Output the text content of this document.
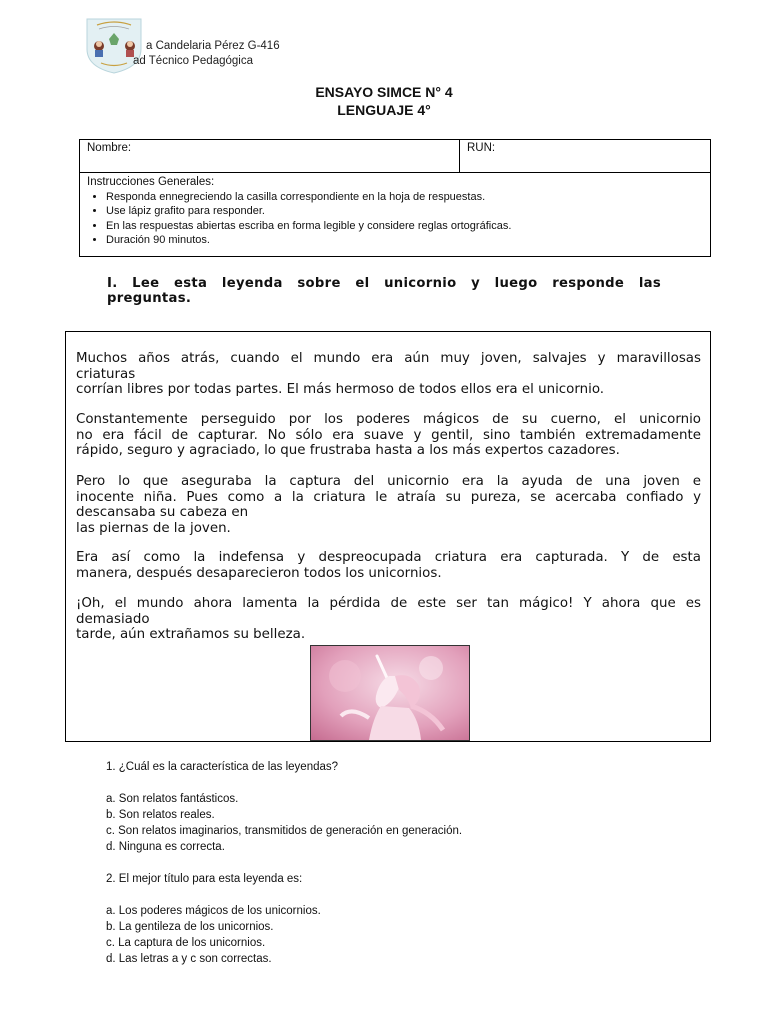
a Candelaria Pérez G-416
ad Técnico Pedagógica
ENSAYO SIMCE N° 4
LENGUAJE 4°
Nombre:	RUN:
Instrucciones Generales:
• Responda ennegreciendo la casilla correspondiente en la hoja de respuestas.
• Use lápiz grafito para responder.
• En las respuestas abiertas escriba en forma legible y considere reglas ortográficas.
• Duración 90 minutos.
I. Lee esta leyenda sobre el unicornio y luego responde las
preguntas.

Muchos años atrás, cuando el mundo era aún muy joven, salvajes y maravillosas
criaturas
corrían libres por todas partes. El más hermoso de todos ellos era el unicornio.

Constantemente perseguido por los poderes mágicos de su cuerno, el unicornio
no era fácil de capturar. No sólo era suave y gentil, sino también extremadamente
rápido, seguro y agraciado, lo que frustraba hasta a los más expertos cazadores.

Pero lo que aseguraba la captura del unicornio era la ayuda de una joven e
inocente niña. Pues como a la criatura le atraía su pureza, se acercaba confiado y
descansaba su cabeza en
las piernas de la joven.

Era así como la indefensa y despreocupada criatura era capturada. Y de esta
manera, después desaparecieron todos los unicornios.

¡Oh, el mundo ahora lamenta la pérdida de este ser tan mágico! Y ahora que es
demasiado
tarde, aún extrañamos su belleza.

1. ¿Cuál es la característica de las leyendas?
a. Son relatos fantásticos.
b. Son relatos reales.
c. Son relatos imaginarios, transmitidos de generación en generación.
d. Ninguna es correcta.
2. El mejor título para esta leyenda es:
a. Los poderes mágicos de los unicornios.
b. La gentileza de los unicornios.
c. La captura de los unicornios.
d. Las letras a y c son correctas.
